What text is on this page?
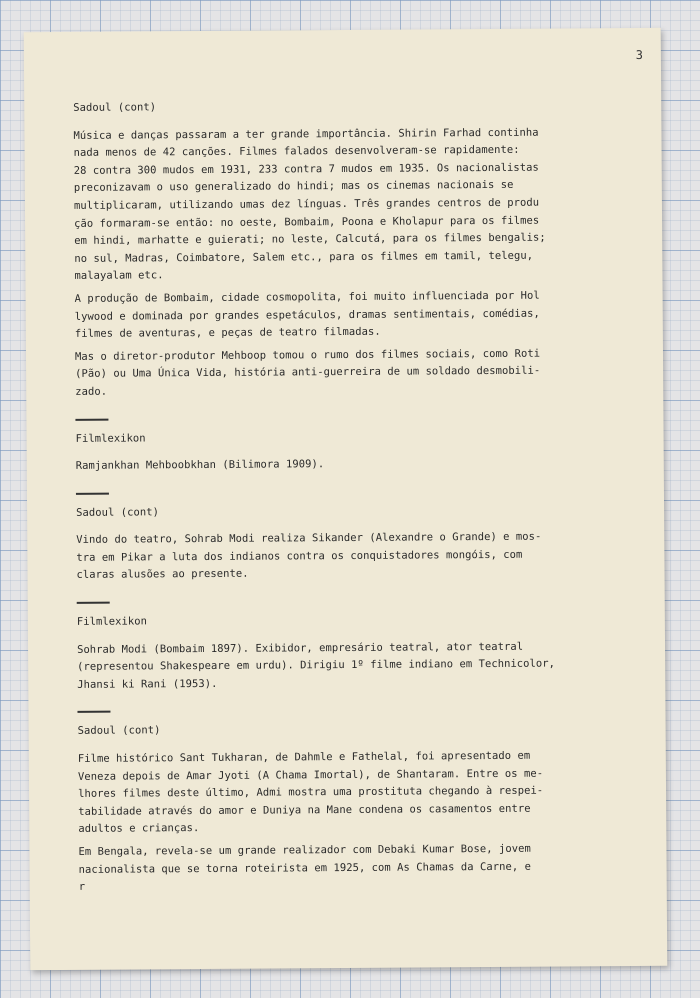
3
Sadoul (cont)
Música e danças passaram a ter grande importância. Shirin Farhad continha
nada menos de 42 canções. Filmes falados desenvolveram-se rapidamente:
28 contra 300 mudos em 1931, 233 contra 7 mudos em 1935. Os nacionalistas
preconizavam o uso generalizado do hindi; mas os cinemas nacionais se
multiplicaram, utilizando umas dez línguas. Três grandes centros de produ
ção formaram-se então: no oeste, Bombaim, Poona e Kholapur para os filmes
em hindi, marhatte e guierati; no leste, Calcutá, para os filmes bengalis;
no sul, Madras, Coimbatore, Salem etc., para os filmes em tamil, telegu,
malayalam etc.
A produção de Bombaim, cidade cosmopolita, foi muito influenciada por Hol
lywood e dominada por grandes espetáculos, dramas sentimentais, comédias,
filmes de aventuras, e peças de teatro filmadas.
Mas o diretor-produtor Mehboop tomou o rumo dos filmes sociais, como Roti
(Pão) ou Uma Única Vida, história anti-guerreira de um soldado desmobili-
zado.
Filmlexikon
Ramjankhan Mehboobkhan (Bilimora 1909).
Sadoul (cont)
Vindo do teatro, Sohrab Modi realiza Sikander (Alexandre o Grande) e mos-
tra em Pikar a luta dos indianos contra os conquistadores mongóis, com
claras alusões ao presente.
Filmlexikon
Sohrab Modi (Bombaim 1897). Exibidor, empresário teatral, ator teatral
(representou Shakespeare em urdu). Dirigiu 1º filme indiano em Technicolor,
Jhansi ki Rani (1953).
Sadoul (cont)
Filme histórico Sant Tukharan, de Dahmle e Fathelal, foi apresentado em
Veneza depois de Amar Jyoti (A Chama Imortal), de Shantaram. Entre os me-
lhores filmes deste último, Admi mostra uma prostituta chegando à respei-
tabilidade através do amor e Duniya na Mane condena os casamentos entre
adultos e crianças.
Em Bengala, revela-se um grande realizador com Debaki Kumar Bose, jovem
nacionalista que se torna roteirista em 1925, com As Chamas da Carne, e
r
